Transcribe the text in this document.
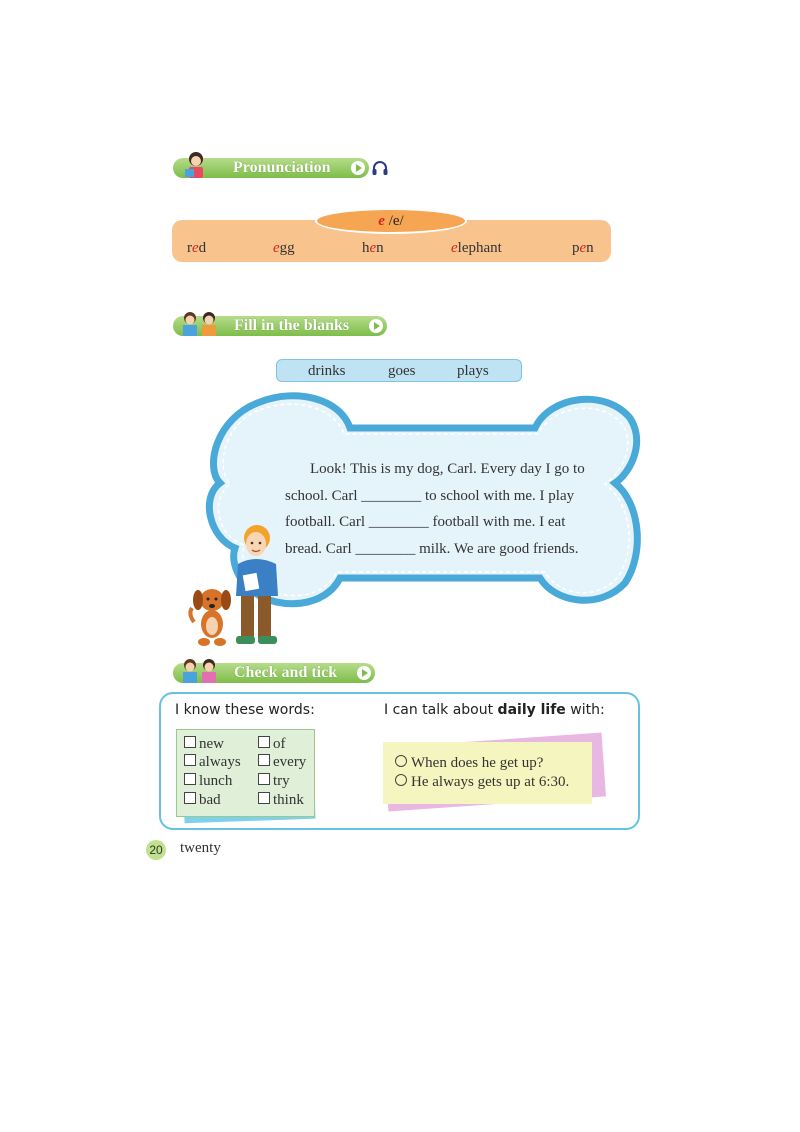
Pronunciation
e /e/
red	egg	hen	elephant	pen
Fill in the blanks
drinks	goes	plays

Look! This is my dog, Carl. Every day I go to school. Carl ________ to school with me. I play football. Carl ________ football with me. I eat bread. Carl ________ milk. We are good friends.

Check and tick
I know these words:	I can talk about daily life with:
new	of
always	every
lunch	try
bad	think
When does he get up?
He always gets up at 6:30.
20 twenty
